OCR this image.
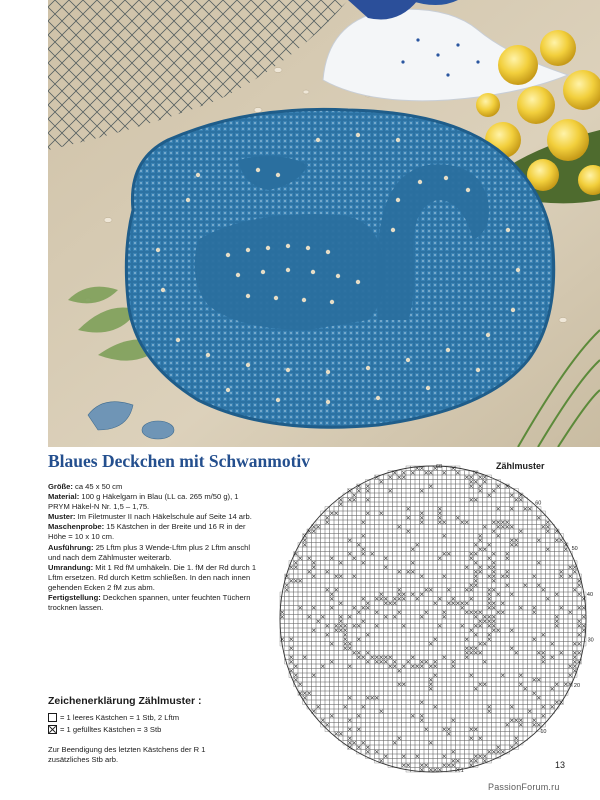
Blaues Deckchen mit Schwanmotiv

Größe: ca 45 x 50 cm

Material: 100 g Häkelgarn in Blau (LL ca. 265 m/50 g), 1 PRYM Häkel-N Nr. 1,5 – 1,75.

Muster: Im Filetmuster II nach Häkelschule auf Seite 14 arb.

Maschenprobe: 15 Kästchen in der Breite und 16 R in der Höhe = 10 x 10 cm.

Ausführung: 25 Lftm plus 3 Wende-Lftm plus 2 Lftm anschl und nach dem Zählmuster weiterarb.

Umrandung: Mit 1 Rd fM umhäkeln. Die 1. fM der Rd durch 1 Lftm ersetzen. Rd durch Kettm schließen. In den nach innen gehenden Ecken 2 fM zus abm.

Fertigstellung: Deckchen spannen, unter feuchten Tüchern trocknen lassen.

Zeichenerklärung Zählmuster :
= 1 leeres Kästchen = 1 Stb, 2 Lftm
= 1 gefülltes Kästchen = 3 Stb
Zur Beendigung des letzten Kästchens der R 1 zusätzliches Stb arb.
Zählmuster
68
60
50
40
30
20
10
1
13
PassionForum.ru
